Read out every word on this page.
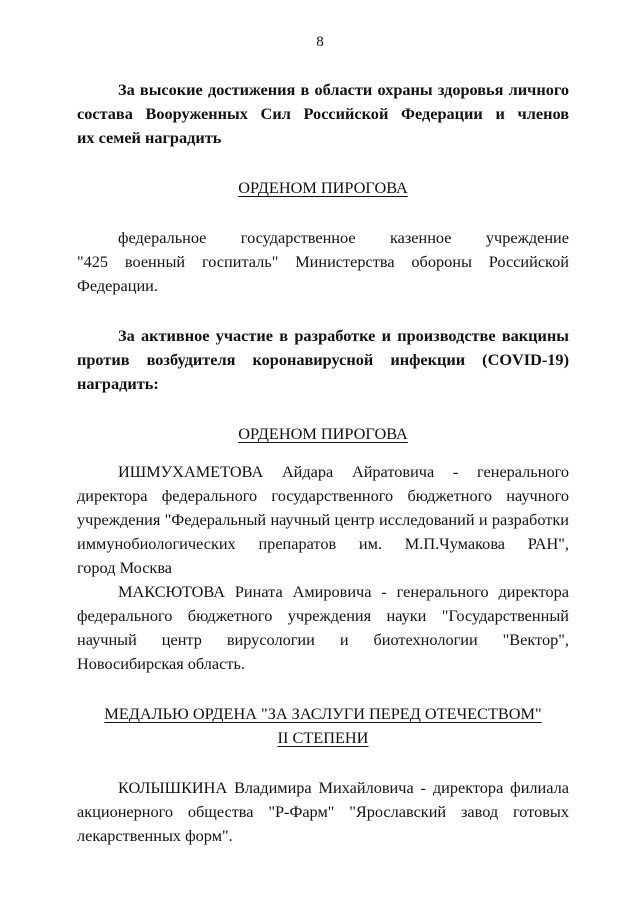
8
За высокие достижения в области охраны здоровья личного
состава Вооруженных Сил Российской Федерации и членов
их семей наградить
ОРДЕНОМ ПИРОГОВА
федеральное государственное казенное учреждение
"425 военный госпиталь" Министерства обороны Российской
Федерации.
За активное участие в разработке и производстве вакцины
против возбудителя коронавирусной инфекции (COVID-19)
наградить:
ОРДЕНОМ ПИРОГОВА
ИШМУХАМЕТОВА Айдара Айратовича - генерального
директора федерального государственного бюджетного научного
учреждения "Федеральный научный центр исследований и разработки
иммунобиологических препаратов им. М.П.Чумакова РАН",
город Москва
МАКСЮТОВА Рината Амировича - генерального директора
федерального бюджетного учреждения науки "Государственный
научный центр вирусологии и биотехнологии "Вектор",
Новосибирская область.
МЕДАЛЬЮ ОРДЕНА "ЗА ЗАСЛУГИ ПЕРЕД ОТЕЧЕСТВОМ"
II СТЕПЕНИ
КОЛЫШКИНА Владимира Михайловича - директора филиала
акционерного общества "Р-Фарм" "Ярославский завод готовых
лекарственных форм".
